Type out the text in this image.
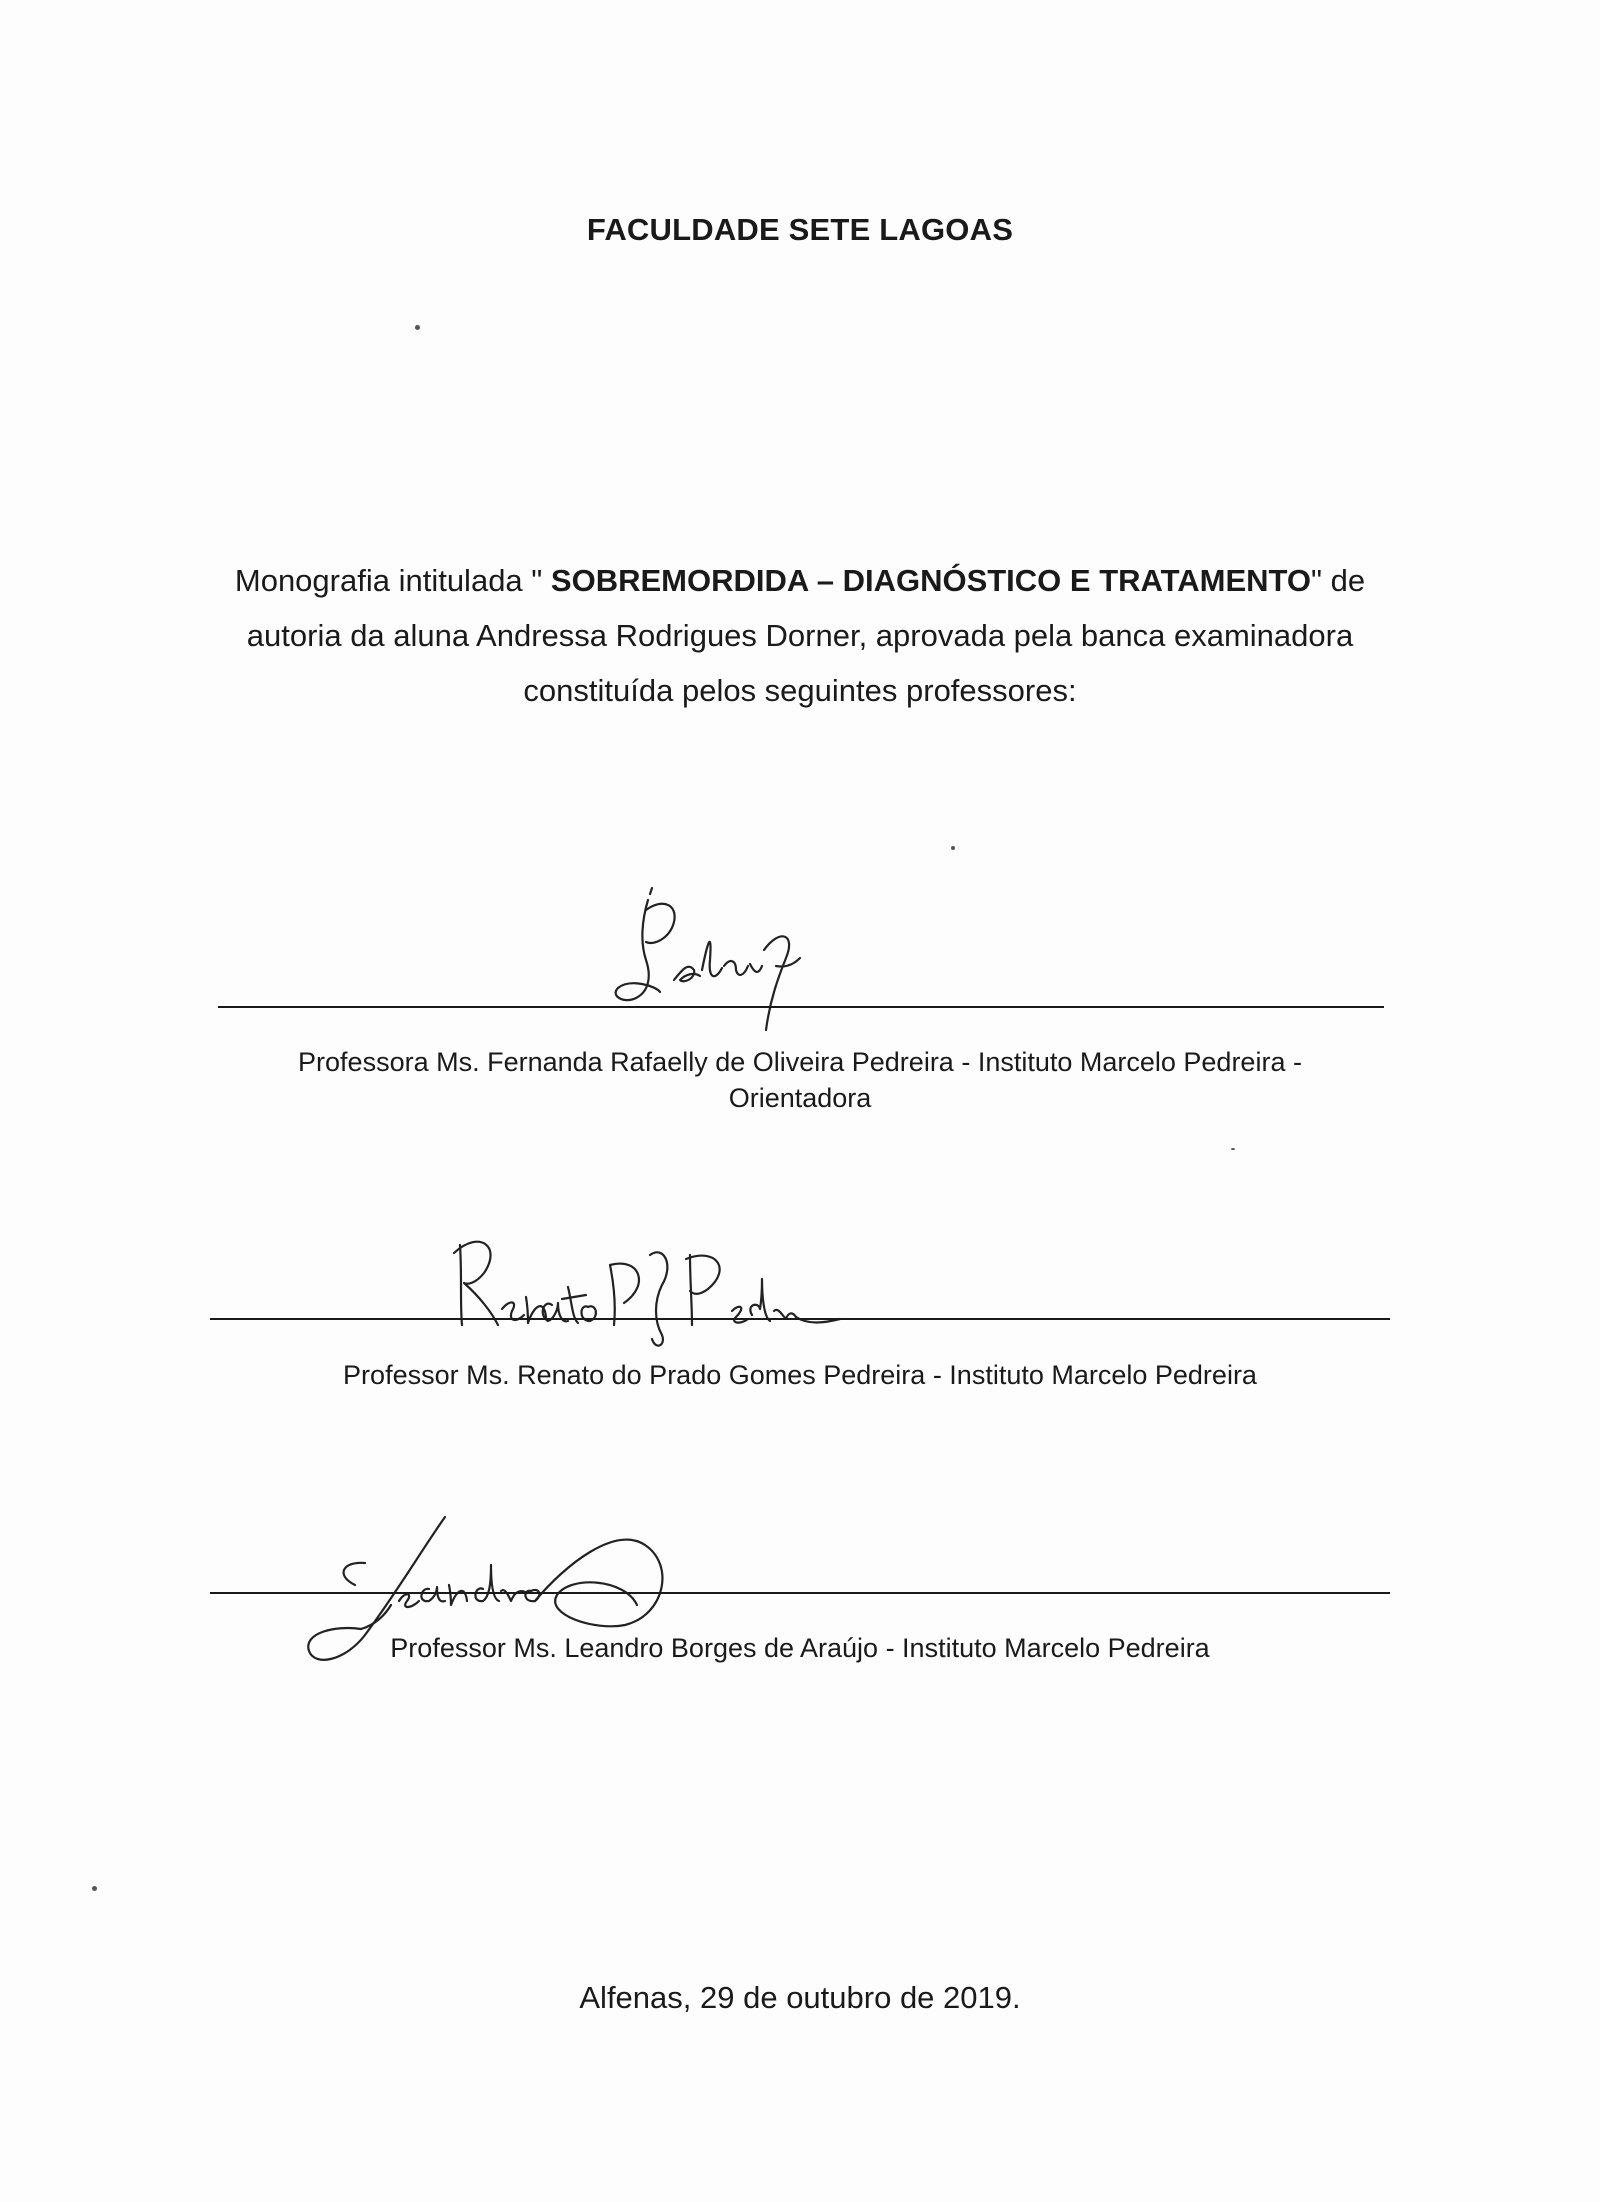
FACULDADE SETE LAGOAS
Monografia intitulada " SOBREMORDIDA – DIAGNÓSTICO E TRATAMENTO" de
autoria da aluna Andressa Rodrigues Dorner, aprovada pela banca examinadora
constituída pelos seguintes professores:
Professora Ms. Fernanda Rafaelly de Oliveira Pedreira - Instituto Marcelo Pedreira -
Orientadora
Professor Ms. Renato do Prado Gomes Pedreira - Instituto Marcelo Pedreira
Professor Ms. Leandro Borges de Araújo - Instituto Marcelo Pedreira
Alfenas, 29 de outubro de 2019.
